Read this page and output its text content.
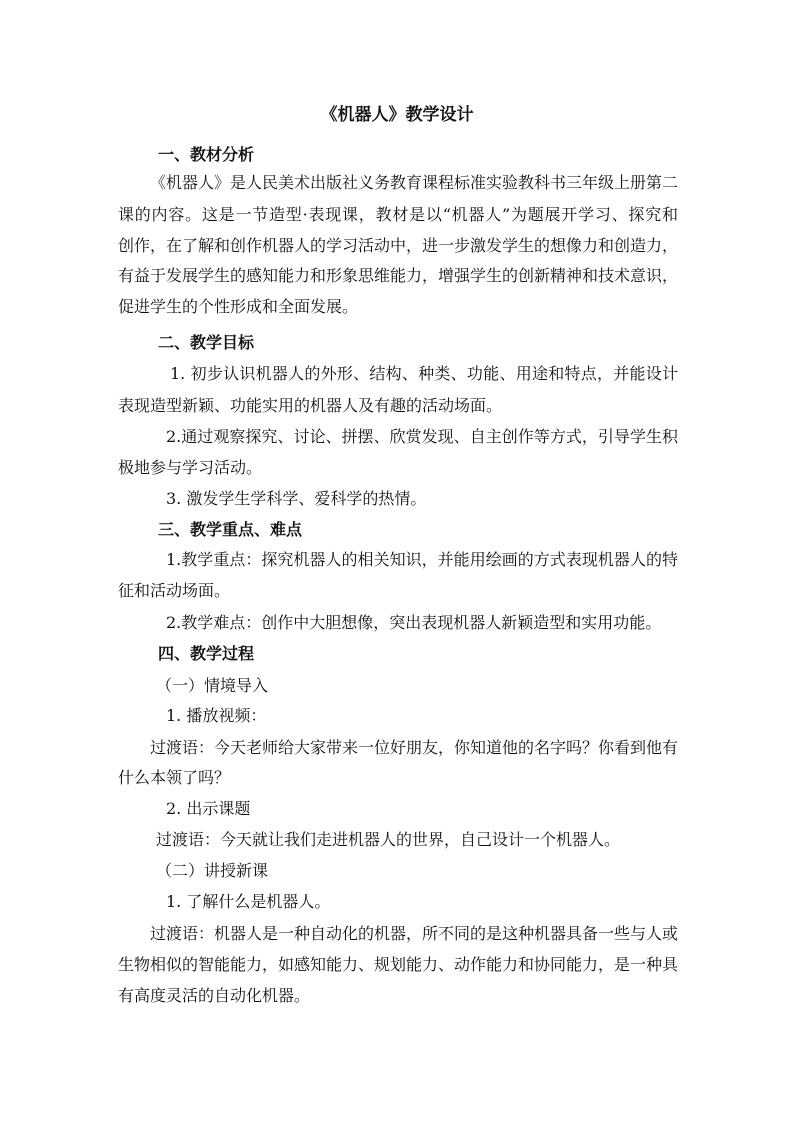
《机器人》教学设计
一、教材分析
《机器人》是人民美术出版社义务教育课程标准实验教科书三年级上册第二
课的内容。这是一节造型·表现课，教材是以“机器人”为题展开学习、探究和
创作，在了解和创作机器人的学习活动中，进一步激发学生的想像力和创造力，
有益于发展学生的感知能力和形象思维能力，增强学生的创新精神和技术意识，
促进学生的个性形成和全面发展。
二、教学目标
1. 初步认识机器人的外形、结构、种类、功能、用途和特点，并能设计
表现造型新颖、功能实用的机器人及有趣的活动场面。
2.通过观察探究、讨论、拼摆、欣赏发现、自主创作等方式，引导学生积
极地参与学习活动。
3. 激发学生学科学、爱科学的热情。
三、教学重点、难点
1.教学重点：探究机器人的相关知识，并能用绘画的方式表现机器人的特
征和活动场面。
2.教学难点：创作中大胆想像，突出表现机器人新颖造型和实用功能。
四、教学过程
（一）情境导入
1. 播放视频：
过渡语：今天老师给大家带来一位好朋友，你知道他的名字吗？你看到他有
什么本领了吗？
2. 出示课题
过渡语：今天就让我们走进机器人的世界，自己设计一个机器人。
（二）讲授新课
1. 了解什么是机器人。
过渡语：机器人是一种自动化的机器，所不同的是这种机器具备一些与人或
生物相似的智能能力，如感知能力、规划能力、动作能力和协同能力，是一种具
有高度灵活的自动化机器。
